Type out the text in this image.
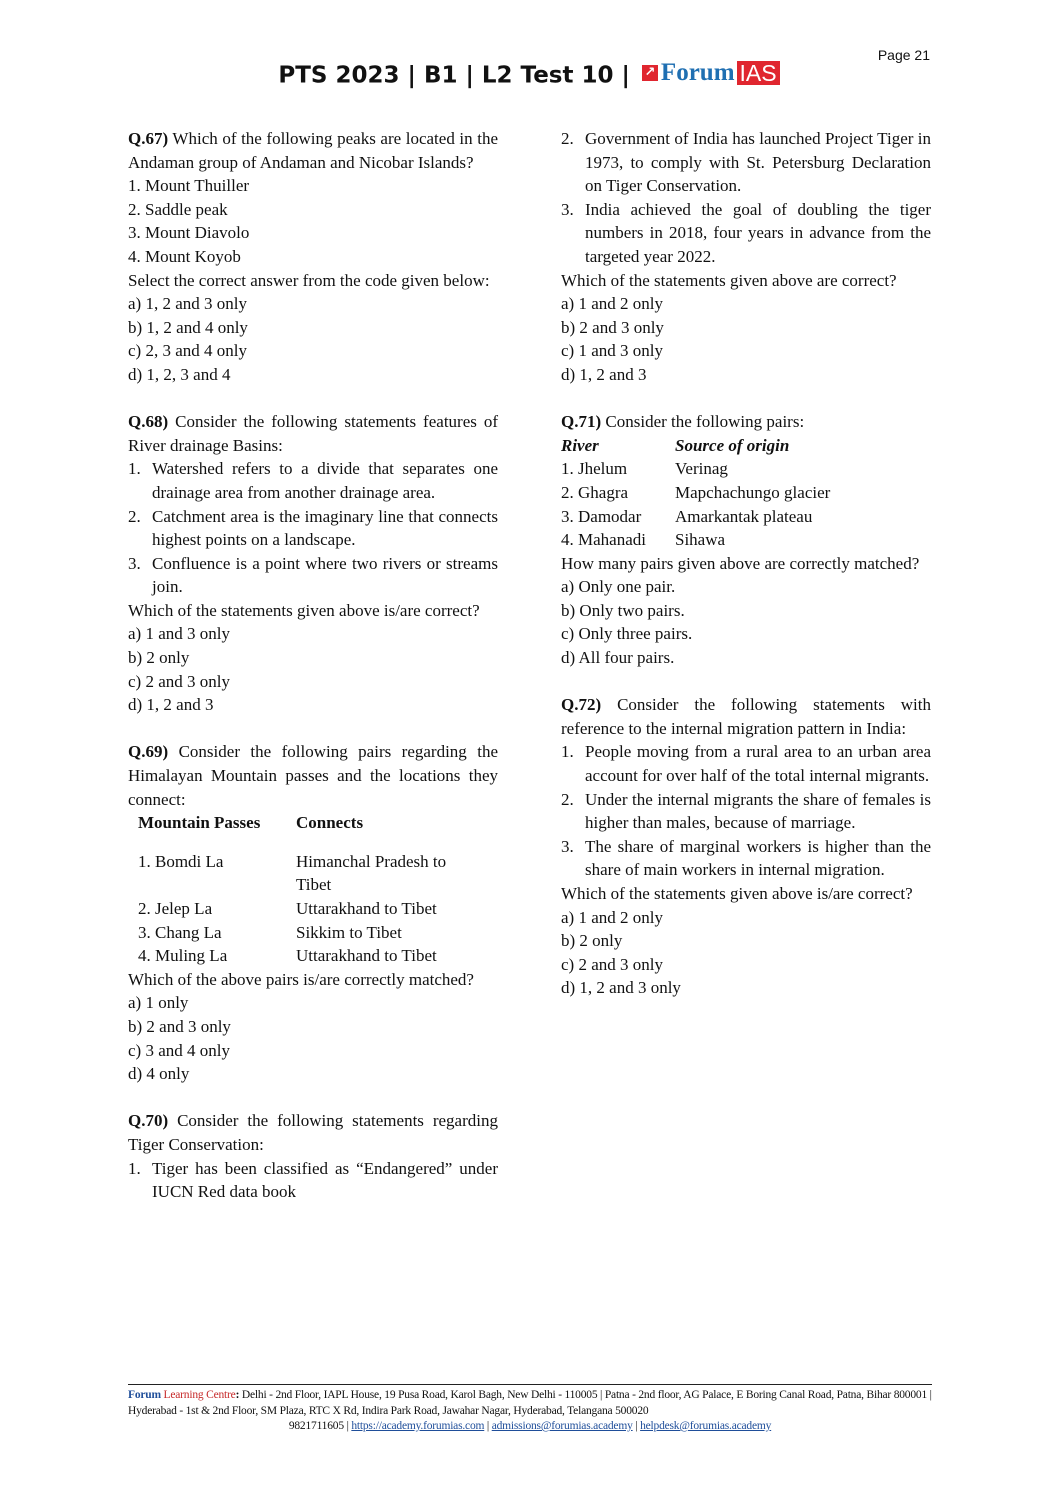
Page 21
PTS 2023 | B1 | L2 Test 10 | ↗ Forum IAS
Q.67) Which of the following peaks are located in the Andaman group of Andaman and Nicobar Islands?
1. Mount Thuiller
2. Saddle peak
3. Mount Diavolo
4. Mount Koyob
Select the correct answer from the code given below:
a) 1, 2 and 3 only
b) 1, 2 and 4 only
c) 2, 3 and 4 only
d) 1, 2, 3 and 4
Q.68) Consider the following statements features of River drainage Basins:
1. Watershed refers to a divide that separates one drainage area from another drainage area.
2. Catchment area is the imaginary line that connects highest points on a landscape.
3. Confluence is a point where two rivers or streams join.
Which of the statements given above is/are correct?
a) 1 and 3 only
b) 2 only
c) 2 and 3 only
d) 1, 2 and 3
Q.69) Consider the following pairs regarding the Himalayan Mountain passes and the locations they connect:
Mountain Passes	Connects
1. Bomdi La	Himanchal Pradesh to Tibet
2. Jelep La	Uttarakhand to Tibet
3. Chang La	Sikkim to Tibet
4. Muling La	Uttarakhand to Tibet
Which of the above pairs is/are correctly matched?
a) 1 only
b) 2 and 3 only
c) 3 and 4 only
d) 4 only
Q.70) Consider the following statements regarding Tiger Conservation:
1. Tiger has been classified as “Endangered” under IUCN Red data book
2. Government of India has launched Project Tiger in 1973, to comply with St. Petersburg Declaration on Tiger Conservation.
3. India achieved the goal of doubling the tiger numbers in 2018, four years in advance from the targeted year 2022.
Which of the statements given above are correct?
a) 1 and 2 only
b) 2 and 3 only
c) 1 and 3 only
d) 1, 2 and 3
Q.71) Consider the following pairs:
River	Source of origin
1. Jhelum	Verinag
2. Ghagra	Mapchachungo glacier
3. Damodar	Amarkantak plateau
4. Mahanadi	Sihawa
How many pairs given above are correctly matched?
a) Only one pair.
b) Only two pairs.
c) Only three pairs.
d) All four pairs.
Q.72) Consider the following statements with reference to the internal migration pattern in India:
1. People moving from a rural area to an urban area account for over half of the total internal migrants.
2. Under the internal migrants the share of females is higher than males, because of marriage.
3. The share of marginal workers is higher than the share of main workers in internal migration.
Which of the statements given above is/are correct?
a) 1 and 2 only
b) 2 only
c) 2 and 3 only
d) 1, 2 and 3 only
Forum Learning Centre: Delhi - 2nd Floor, IAPL House, 19 Pusa Road, Karol Bagh, New Delhi - 110005 | Patna - 2nd floor, AG Palace, E Boring Canal Road, Patna, Bihar 800001 | Hyderabad - 1st & 2nd Floor, SM Plaza, RTC X Rd, Indira Park Road, Jawahar Nagar, Hyderabad, Telangana 500020
9821711605 | https://academy.forumias.com | admissions@forumias.academy | helpdesk@forumias.academy
